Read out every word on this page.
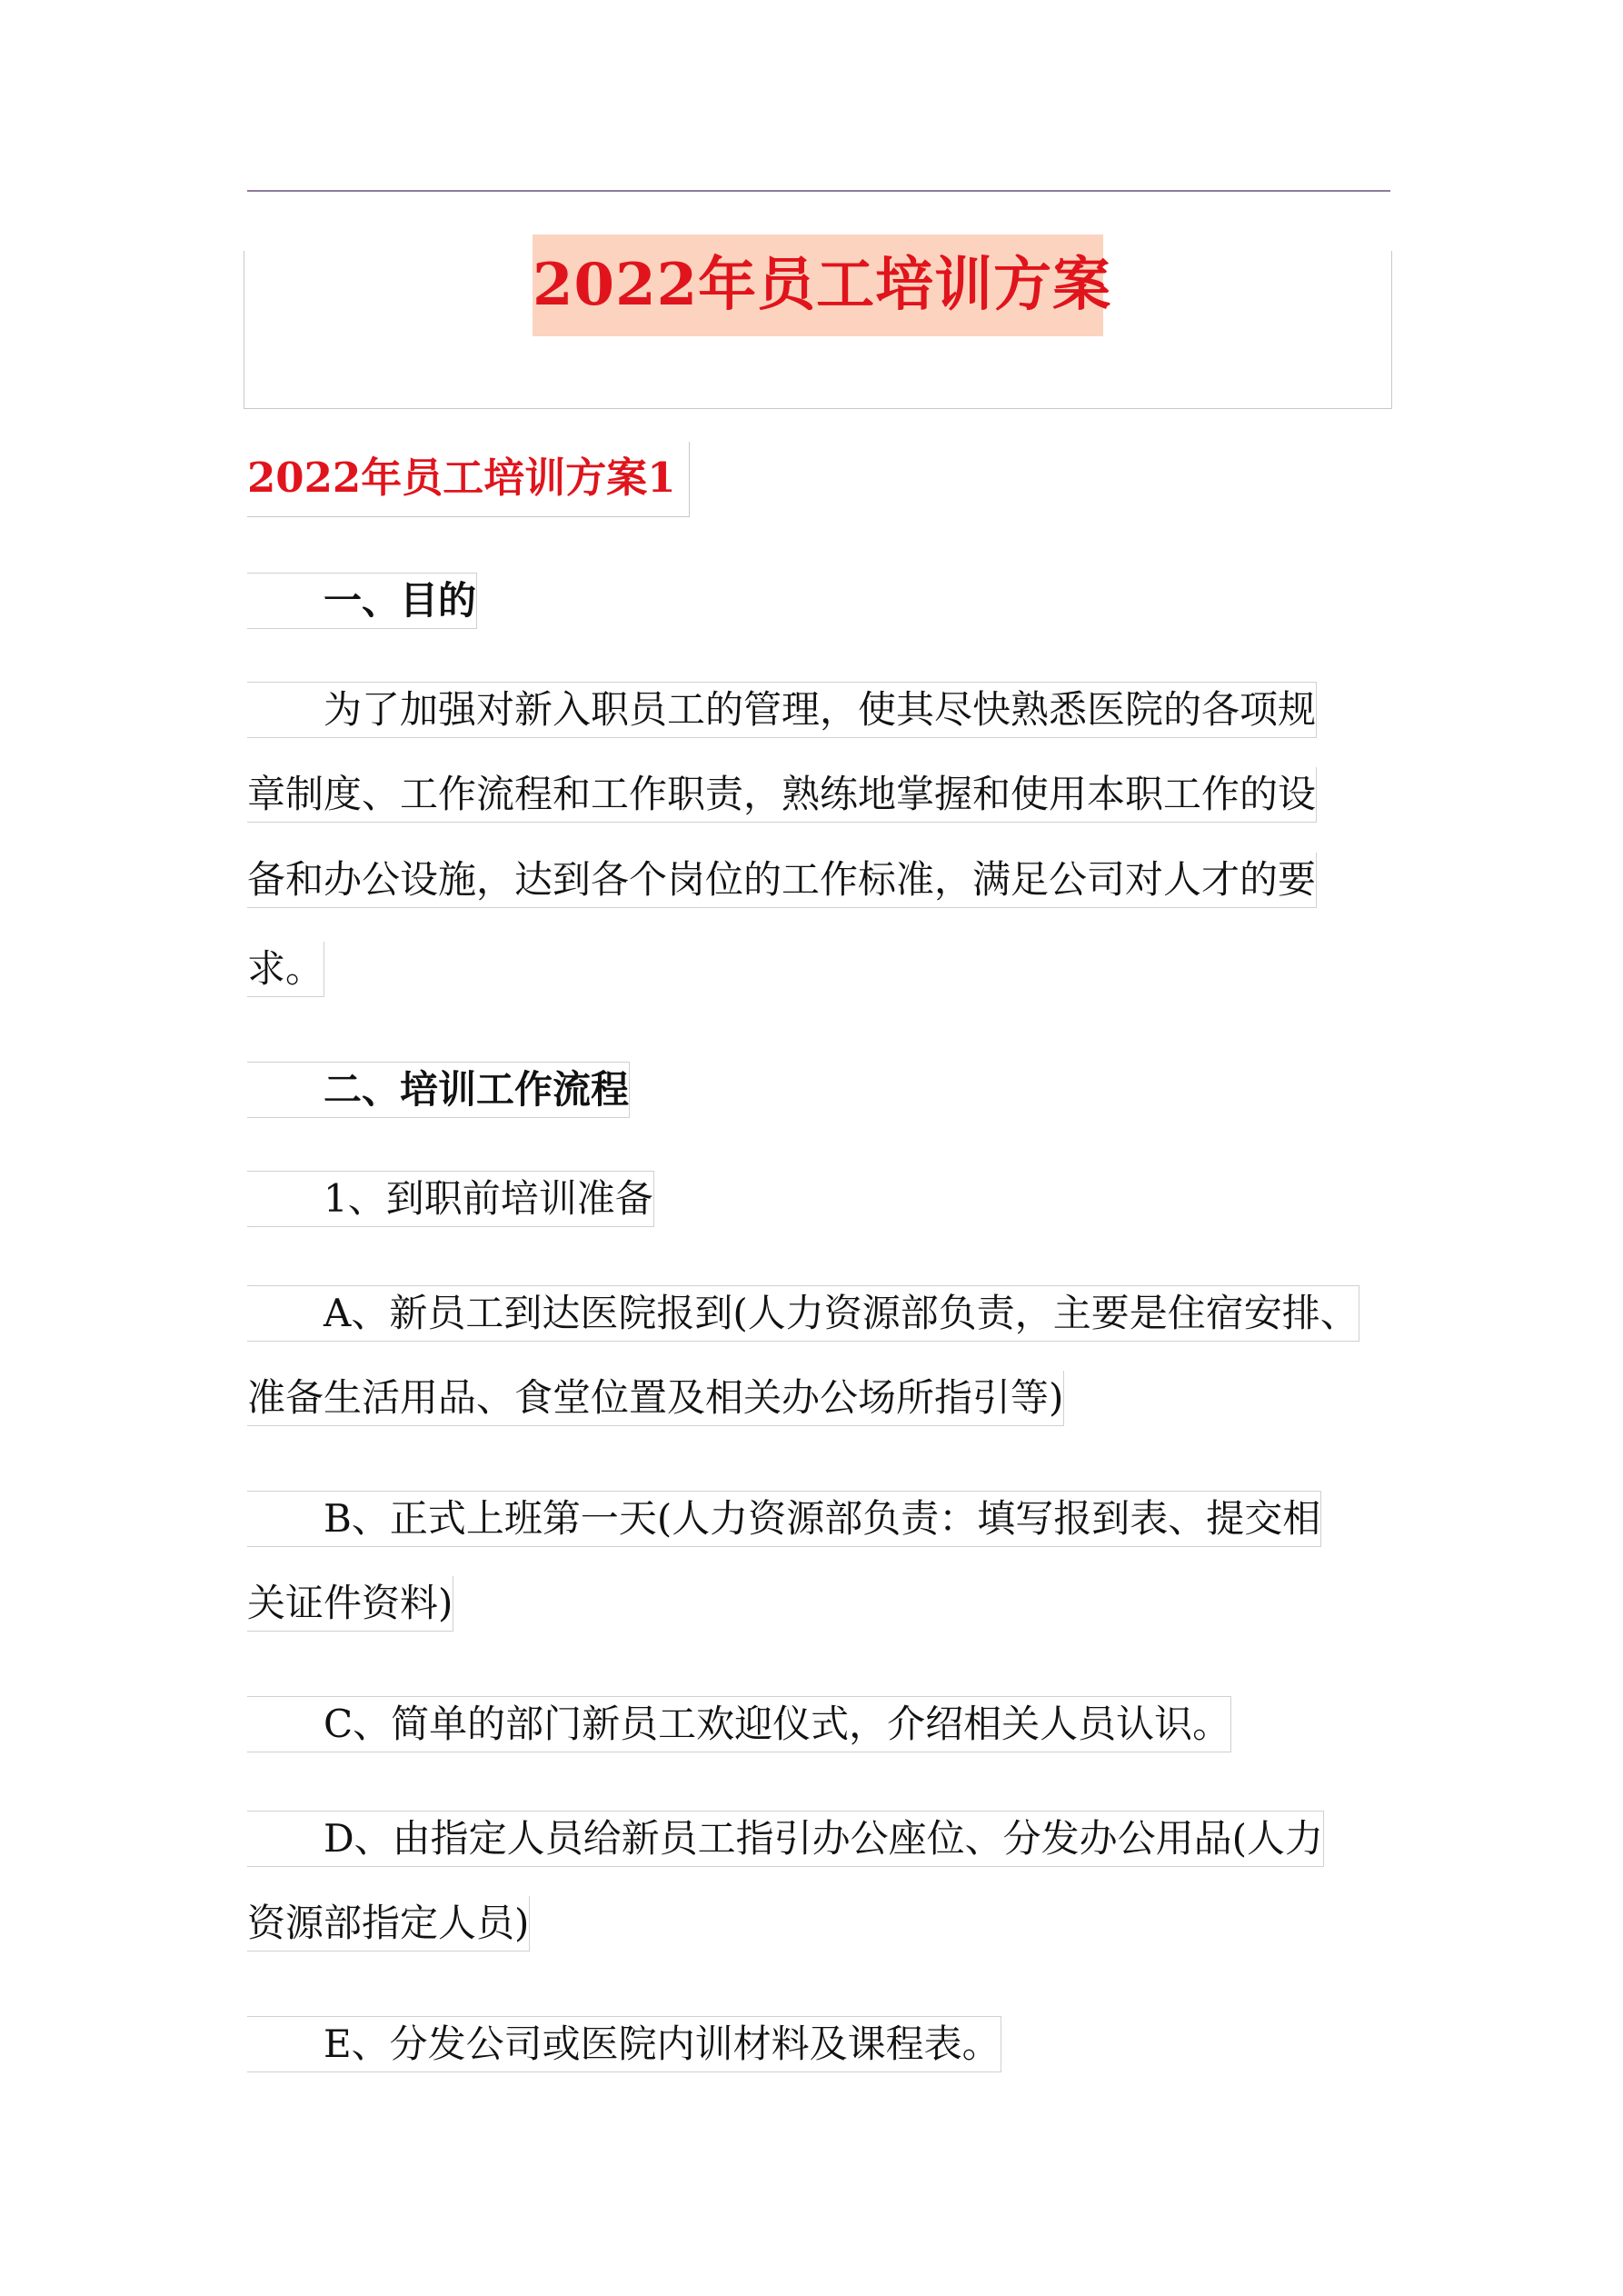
2022年员工培训方案
2022年员工培训方案1
　　一、目的
　　为了加强对新入职员工的管理，使其尽快熟悉医院的各项规
章制度、工作流程和工作职责，熟练地掌握和使用本职工作的设
备和办公设施，达到各个岗位的工作标准，满足公司对人才的要
求。
　　二、培训工作流程
　　1、到职前培训准备
　　A、新员工到达医院报到(人力资源部负责，主要是住宿安排、
准备生活用品、食堂位置及相关办公场所指引等)
　　B、正式上班第一天(人力资源部负责：填写报到表、提交相
关证件资料)
　　C、简单的部门新员工欢迎仪式，介绍相关人员认识。
　　D、由指定人员给新员工指引办公座位、分发办公用品(人力
资源部指定人员)
　　E、分发公司或医院内训材料及课程表。
